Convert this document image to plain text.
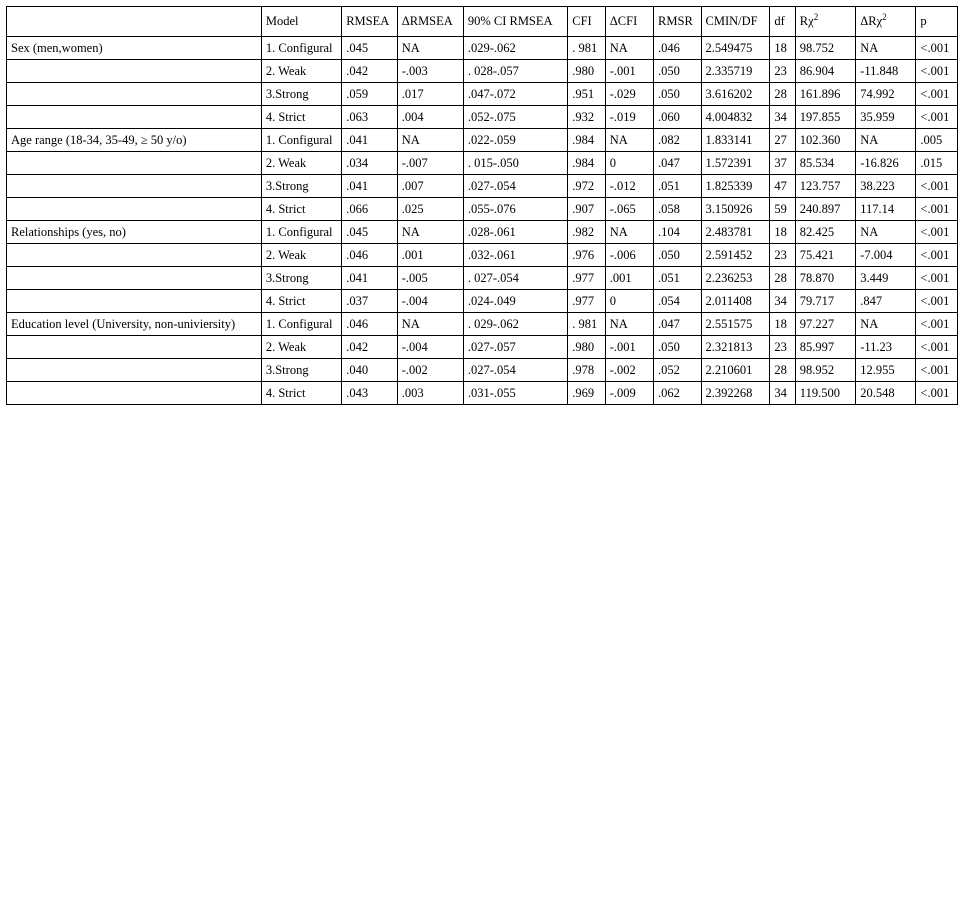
	Model	RMSEA	ΔRMSEA	90% CI RMSEA	CFI	ΔCFI	RMSR	CMIN/DF	df	$R\chi^2$	ΔRχ$^2$	p
Sex (men,women)	1. Configural	.045	NA	.029-.062	. 981	NA	.046	2.549475	18	98.752	NA	<.001
	2. Weak	.042	-.003	. 028-.057	.980	-.001	.050	2.335719	23	86.904	-11.848	<.001
	3.Strong	.059	.017	.047-.072	.951	-.029	.050	3.616202	28	161.896	74.992	<.001
	4. Strict	.063	.004	.052-.075	.932	-.019	.060	4.004832	34	197.855	35.959	<.001
Age range (18-34, 35-49, ≥ 50 y/o)	1. Configural	.041	NA	.022-.059	.984	NA	.082	1.833141	27	102.360	NA	.005
	2. Weak	.034	-.007	. 015-.050	.984	0	.047	1.572391	37	85.534	-16.826	.015
	3.Strong	.041	.007	.027-.054	.972	-.012	.051	1.825339	47	123.757	38.223	<.001
	4. Strict	.066	.025	.055-.076	.907	-.065	.058	3.150926	59	240.897	117.14	<.001
Relationships (yes, no)	1. Configural	.045	NA	.028-.061	.982	NA	.104	2.483781	18	82.425	NA	<.001
	2. Weak	.046	.001	.032-.061	.976	-.006	.050	2.591452	23	75.421	-7.004	<.001
	3.Strong	.041	-.005	. 027-.054	.977	.001	.051	2.236253	28	78.870	3.449	<.001
	4. Strict	.037	-.004	.024-.049	.977	0	.054	2.011408	34	79.717	.847	<.001
Education level (University, non-univiersity)	1. Configural	.046	NA	. 029-.062	. 981	NA	.047	2.551575	18	97.227	NA	<.001
	2. Weak	.042	-.004	.027-.057	.980	-.001	.050	2.321813	23	85.997	-11.23	<.001
	3.Strong	.040	-.002	.027-.054	.978	-.002	.052	2.210601	28	98.952	12.955	<.001
	4. Strict	.043	.003	.031-.055	.969	-.009	.062	2.392268	34	119.500	20.548	<.001
